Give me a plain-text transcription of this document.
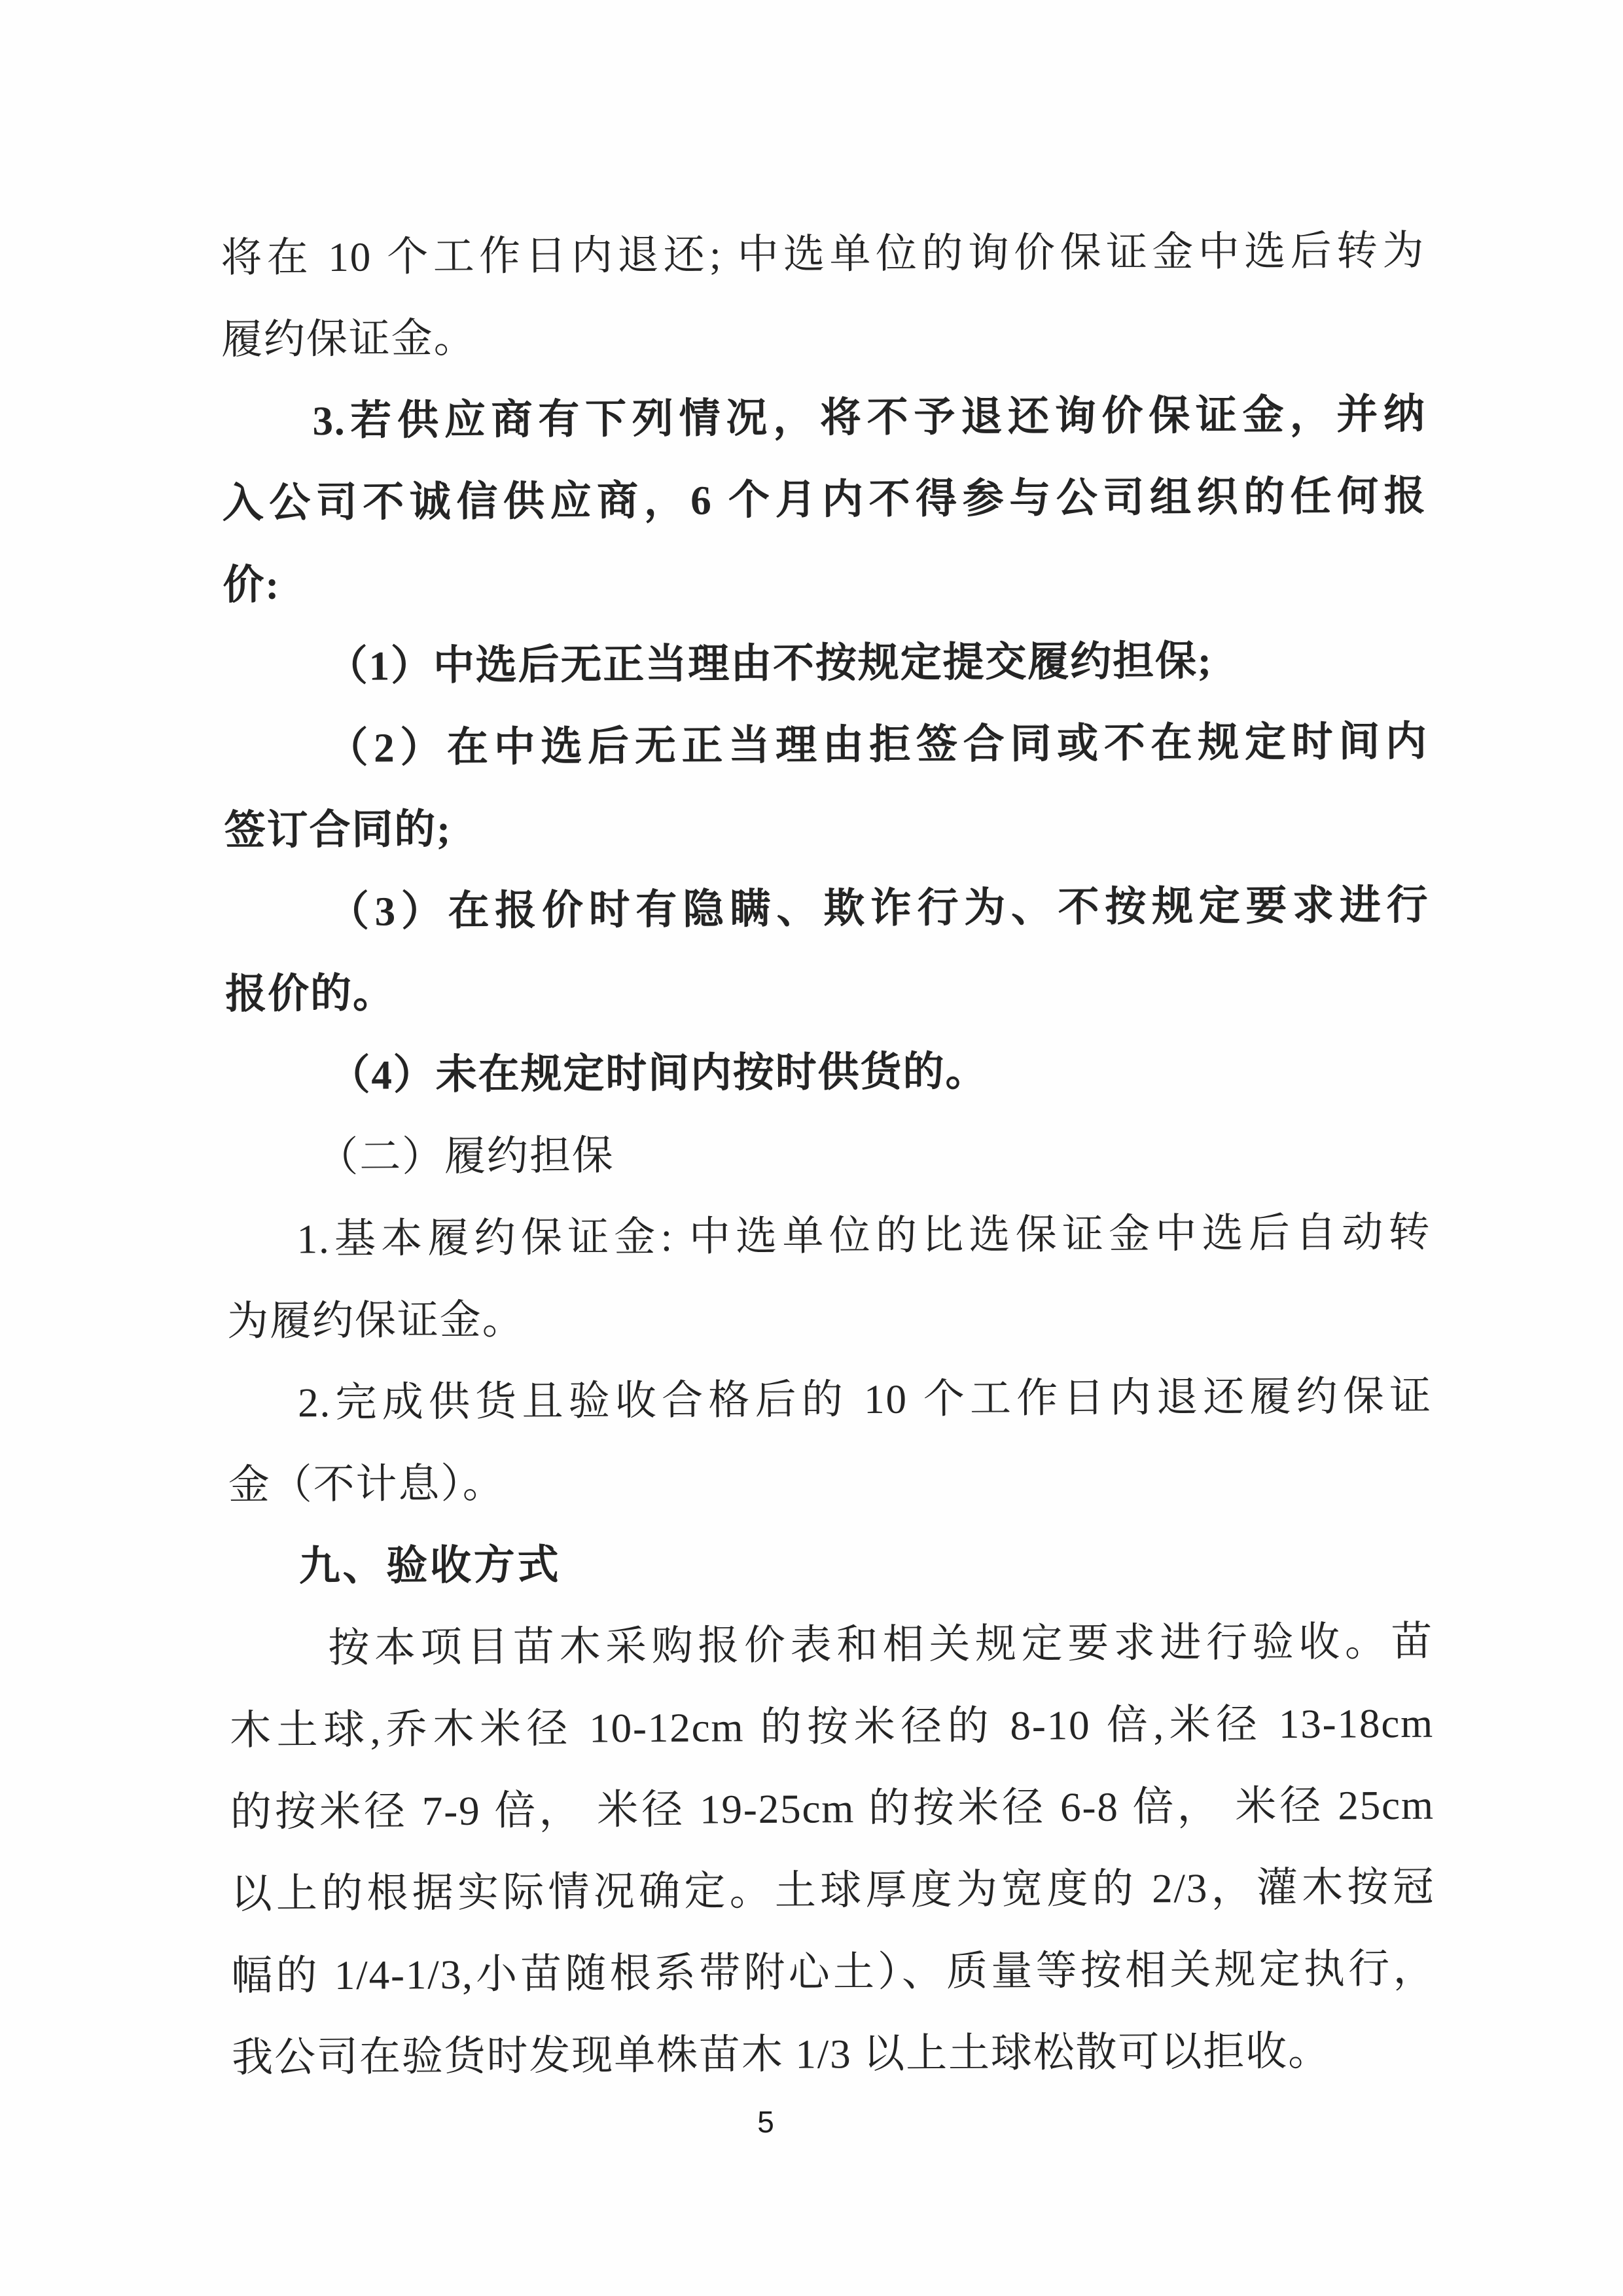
将在 10 个工作日内退还; 中选单位的询价保证金中选后转为
履约保证金。
3.若供应商有下列情况，将不予退还询价保证金，并纳
入公司不诚信供应商，6 个月内不得参与公司组织的任何报
价:
（1）中选后无正当理由不按规定提交履约担保;
（2）在中选后无正当理由拒签合同或不在规定时间内
签订合同的;
（3）在报价时有隐瞒、欺诈行为、不按规定要求进行
报价的。
（4）未在规定时间内按时供货的。
（二）履约担保
1.基本履约保证金: 中选单位的比选保证金中选后自动转
为履约保证金。
2.完成供货且验收合格后的 10 个工作日内退还履约保证
金（不计息）。
九、验收方式
按本项目苗木采购报价表和相关规定要求进行验收。苗
木土球,乔木米径 10-12cm 的按米径的 8-10 倍,米径 13-18cm
的按米径 7-9 倍， 米径 19-25cm 的按米径 6-8 倍， 米径 25cm
以上的根据实际情况确定。土球厚度为宽度的 2/3，灌木按冠
幅的 1/4-1/3,小苗随根系带附心土）、质量等按相关规定执行，
我公司在验货时发现单株苗木 1/3 以上土球松散可以拒收。
5
